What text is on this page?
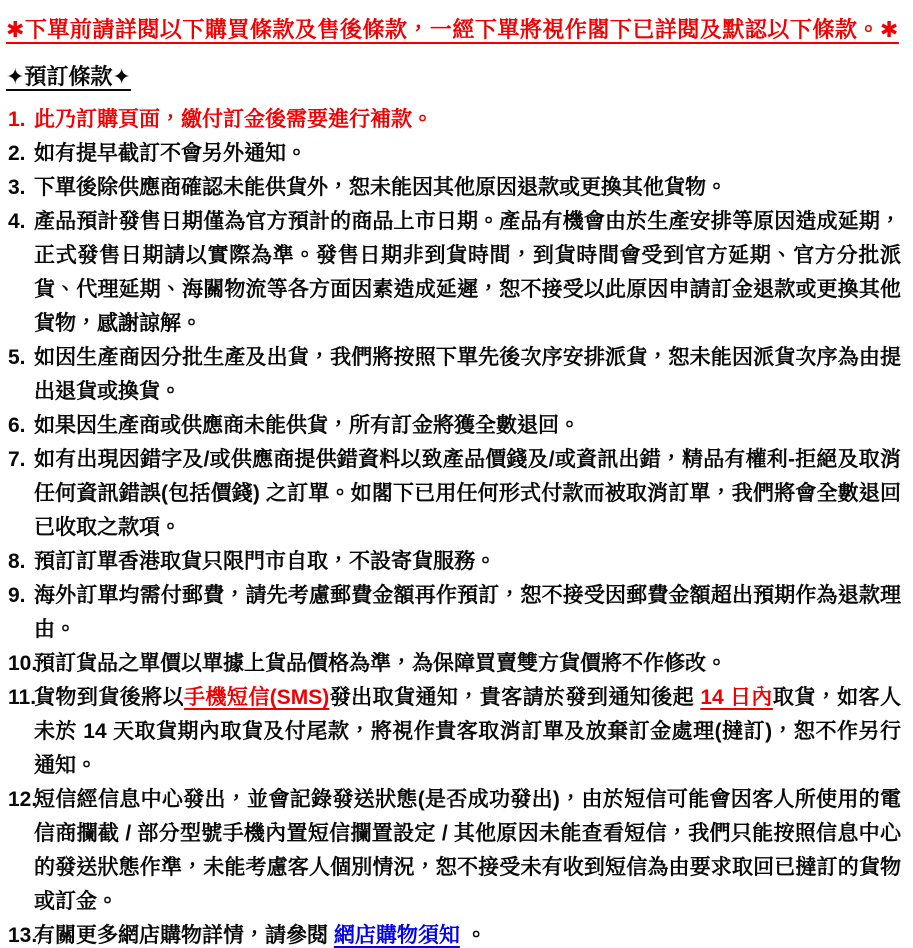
✱下單前請詳閱以下購買條款及售後條款，一經下單將視作閣下已詳閱及默認以下條款。✱

✦預訂條款✦
1. 此乃訂購頁面，繳付訂金後需要進行補款。
2. 如有提早截訂不會另外通知。
3. 下單後除供應商確認未能供貨外，恕未能因其他原因退款或更換其他貨物。
4. 產品預計發售日期僅為官方預計的商品上市日期。產品有機會由於生產安排等原因造成延期，正式發售日期請以實際為準。發售日期非到貨時間，到貨時間會受到官方延期、官方分批派貨、代理延期、海關物流等各方面因素造成延遲，恕不接受以此原因申請訂金退款或更換其他貨物，感謝諒解。
5. 如因生產商因分批生產及出貨，我們將按照下單先後次序安排派貨，恕未能因派貨次序為由提出退貨或換貨。
6. 如果因生產商或供應商未能供貨，所有訂金將獲全數退回。
7. 如有出現因錯字及/或供應商提供錯資料以致產品價錢及/或資訊出錯，精品有權利-拒絕及取消任何資訊錯誤(包括價錢) 之訂單。如閣下已用任何形式付款而被取消訂單，我們將會全數退回已收取之款項。
8. 預訂訂單香港取貨只限門市自取，不設寄貨服務。
9. 海外訂單均需付郵費，請先考慮郵費金額再作預訂，恕不接受因郵費金額超出預期作為退款理由。
10.
預訂貨品之單價以單據上貨品價格為準，為保障買賣雙方貨價將不作修改。
11.
貨物到貨後將以手機短信(SMS)發出取貨通知，貴客請於發到通知後起 14 日內取貨，如客人未於 14 天取貨期內取貨及付尾款，將視作貴客取消訂單及放棄訂金處理(撻訂)，恕不作另行通知。
12.
短信經信息中心發出，並會記錄發送狀態(是否成功發出)，由於短信可能會因客人所使用的電信商攔截 / 部分型號手機內置短信攔置設定 / 其他原因未能查看短信，我們只能按照信息中心的發送狀態作準，未能考慮客人個別情況，恕不接受未有收到短信為由要求取回已撻訂的貨物或訂金。
13.
有關更多網店購物詳情，請參閱 網店購物須知 。
